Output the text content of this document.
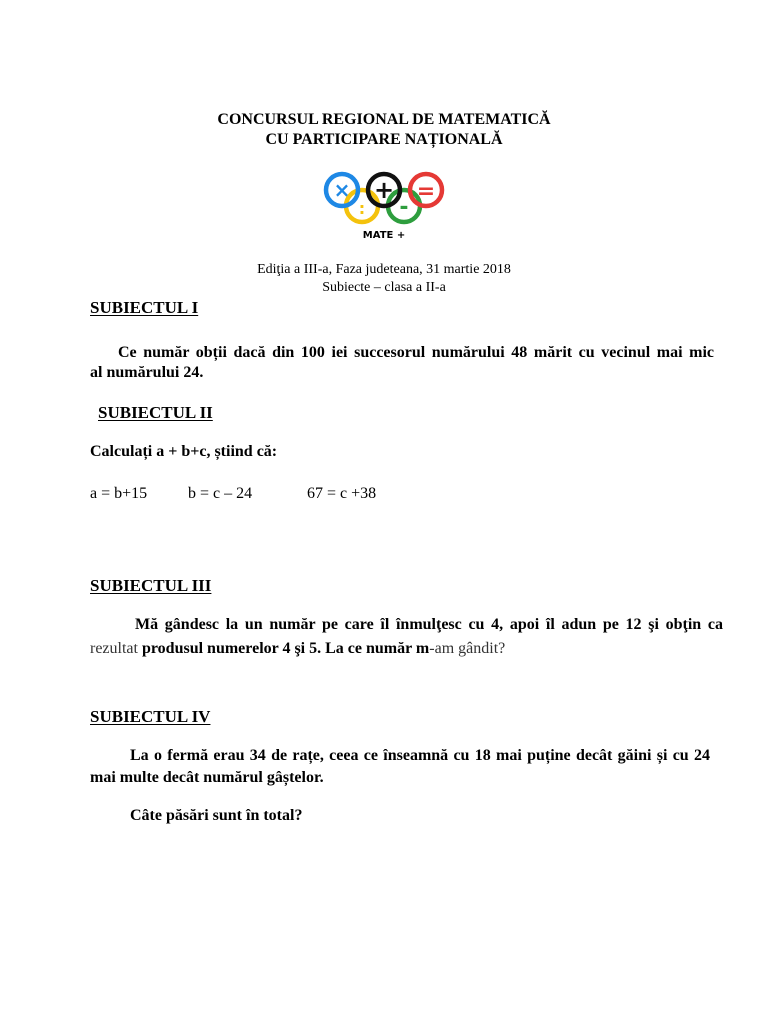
CONCURSUL REGIONAL DE MATEMATICĂ
CU PARTICIPARE NAȚIONALĂ
×
:
+
-
=
MATE +
Ediţia a III-a, Faza judeteana, 31 martie 2018
Subiecte – clasa a II-a
SUBIECTUL I
Ce număr obții dacă din 100 iei succesorul numărului 48 mărit cu vecinul mai mic
al numărului 24.
SUBIECTUL II
Calculați a + b+c, știind că:
a = b+15	b = c – 24	67 = c +38
SUBIECTUL III
Mă gândesc la un număr pe care îl înmulţesc cu 4, apoi îl adun pe 12 şi obţin ca
rezultat produsul numerelor 4 şi 5. La ce număr m-am gândit?
SUBIECTUL IV
La o fermă erau 34 de rațe, ceea ce înseamnă cu 18 mai puține decât găini și cu 24
mai multe decât numărul gâștelor.
Câte păsări sunt în total?
